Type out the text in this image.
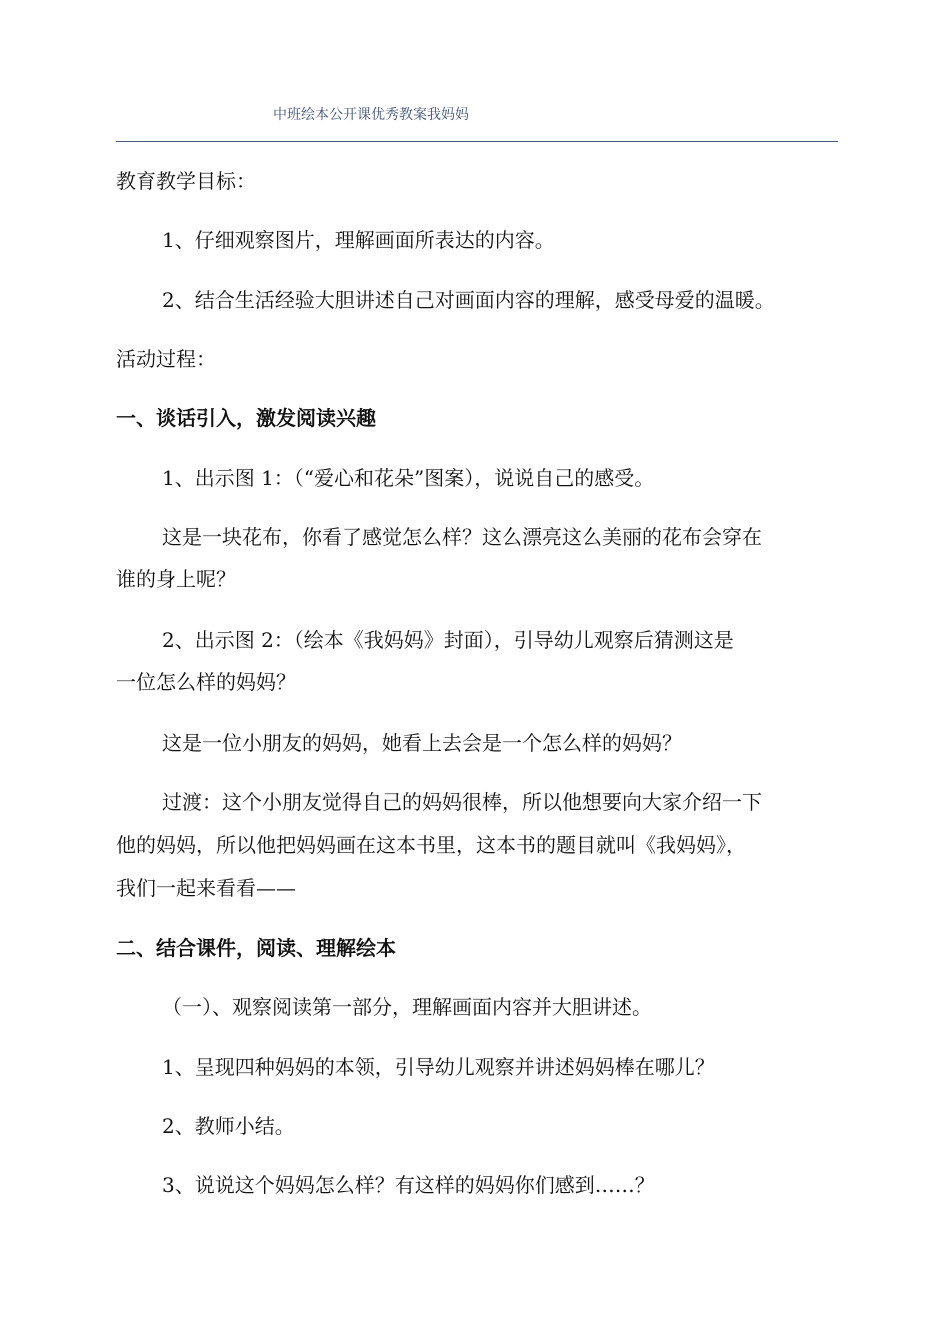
中班绘本公开课优秀教案我妈妈
教育教学目标：
1、仔细观察图片，理解画面所表达的内容。
2、结合生活经验大胆讲述自己对画面内容的理解，感受母爱的温暖。
活动过程：
一、谈话引入，激发阅读兴趣
1、出示图 1：（“爱心和花朵”图案），说说自己的感受。
这是一块花布，你看了感觉怎么样？这么漂亮这么美丽的花布会穿在
谁的身上呢？
2、出示图 2：（绘本《我妈妈》封面），引导幼儿观察后猜测这是
一位怎么样的妈妈？
这是一位小朋友的妈妈，她看上去会是一个怎么样的妈妈？
过渡：这个小朋友觉得自己的妈妈很棒，所以他想要向大家介绍一下
他的妈妈，所以他把妈妈画在这本书里，这本书的题目就叫《我妈妈》，
我们一起来看看——
二、结合课件，阅读、理解绘本
（一）、观察阅读第一部分，理解画面内容并大胆讲述。
1、呈现四种妈妈的本领，引导幼儿观察并讲述妈妈棒在哪儿？
2、教师小结。
3、说说这个妈妈怎么样？有这样的妈妈你们感到……？
